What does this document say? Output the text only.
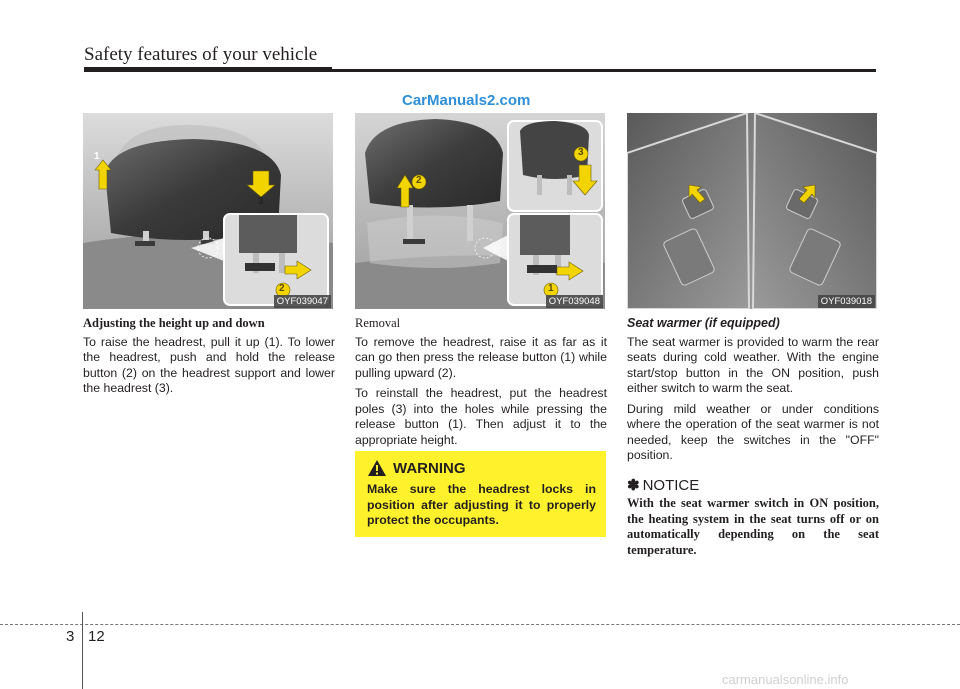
Safety features of your vehicle
CarManuals2.com
1
2
3
OYF039047
1
2
3
OYF039048	OYF039018

Adjusting the height up and down

To raise the headrest, pull it up (1). To lower the headrest, push and hold the release button (2) on the headrest support and lower the headrest (3).

Removal

To remove the headrest, raise it as far as it can go then press the release button (1) while pulling upward (2).

To reinstall the headrest, put the headrest poles (3) into the holes while pressing the release button (1). Then adjust it to the appropriate height.

WARNING

Make sure the headrest locks in position after adjusting it to properly protect the occupants.

Seat warmer (if equipped)

The seat warmer is provided to warm the rear seats during cold weather. With the engine start/stop button in the ON position, push either switch to warm the seat.

During mild weather or under conditions where the operation of the seat warmer is not needed, keep the switches in the "OFF" position.

✽ NOTICE

With the seat warmer switch in ON position, the heating system in the seat turns off or on automatically depending on the seat temperature.

3 12
carmanualsonline.info
